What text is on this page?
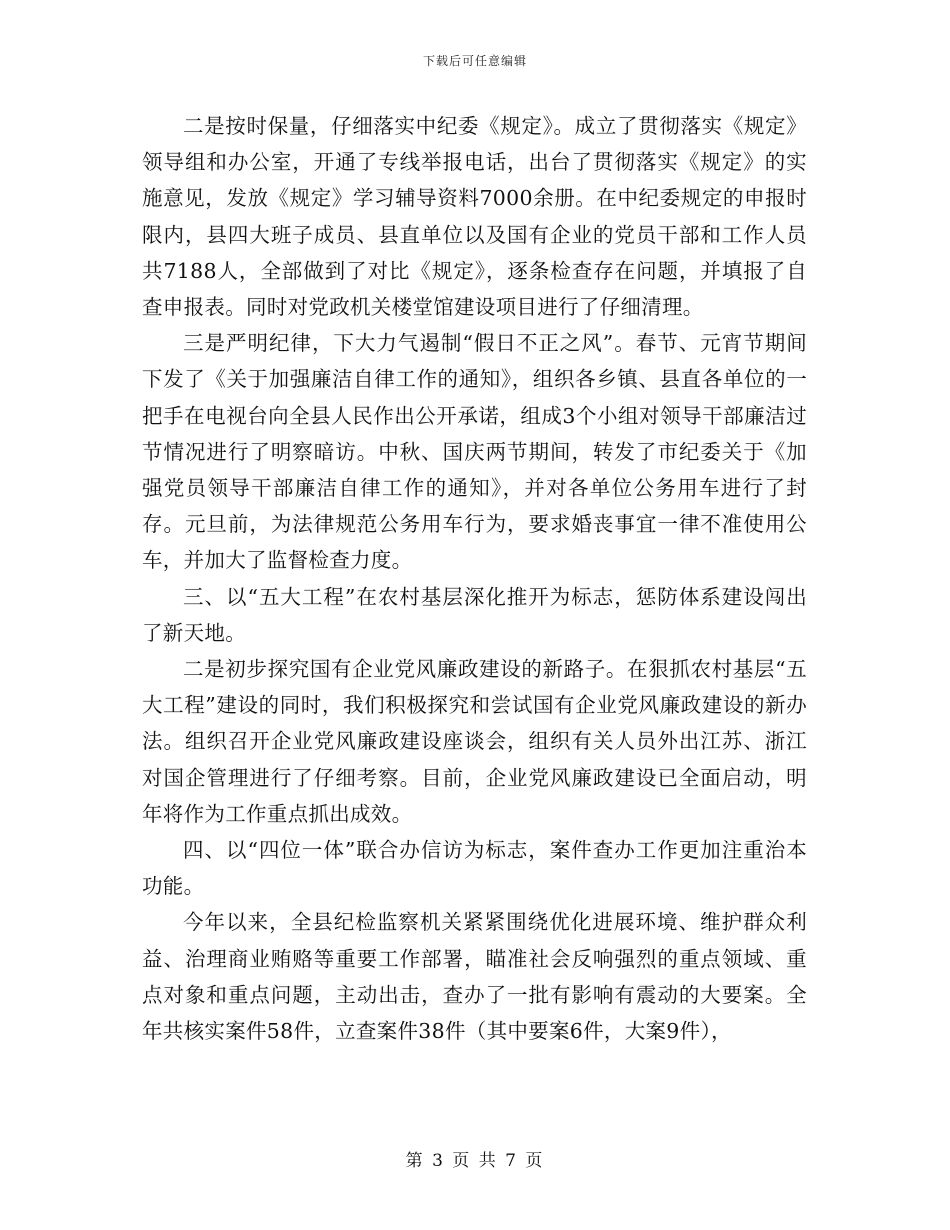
下载后可任意编辑

二是按时保量，仔细落实中纪委《规定》。成立了贯彻落实《规定》领导组和办公室，开通了专线举报电话，出台了贯彻落实《规定》的实施意见，发放《规定》学习辅导资料7000余册。在中纪委规定的申报时限内，县四大班子成员、县直单位以及国有企业的党员干部和工作人员共7188人，全部做到了对比《规定》，逐条检查存在问题，并填报了自查申报表。同时对党政机关楼堂馆建设项目进行了仔细清理。

三是严明纪律，下大力气遏制“假日不正之风”。春节、元宵节期间下发了《关于加强廉洁自律工作的通知》，组织各乡镇、县直各单位的一把手在电视台向全县人民作出公开承诺，组成3个小组对领导干部廉洁过节情况进行了明察暗访。中秋、国庆两节期间，转发了市纪委关于《加强党员领导干部廉洁自律工作的通知》，并对各单位公务用车进行了封存。元旦前，为法律规范公务用车行为，要求婚丧事宜一律不准使用公车，并加大了监督检查力度。

三、以“五大工程”在农村基层深化推开为标志，惩防体系建设闯出了新天地。

二是初步探究国有企业党风廉政建设的新路子。在狠抓农村基层“五大工程”建设的同时，我们积极探究和尝试国有企业党风廉政建设的新办法。组织召开企业党风廉政建设座谈会，组织有关人员外出江苏、浙江对国企管理进行了仔细考察。目前，企业党风廉政建设已全面启动，明年将作为工作重点抓出成效。

四、以“四位一体”联合办信访为标志，案件查办工作更加注重治本功能。

今年以来，全县纪检监察机关紧紧围绕优化进展环境、维护群众利益、治理商业贿赂等重要工作部署，瞄准社会反响强烈的重点领域、重点对象和重点问题，主动出击，查办了一批有影响有震动的大要案。全年共核实案件58件，立查案件38件（其中要案6件，大案9件），

第 3 页 共 7 页
